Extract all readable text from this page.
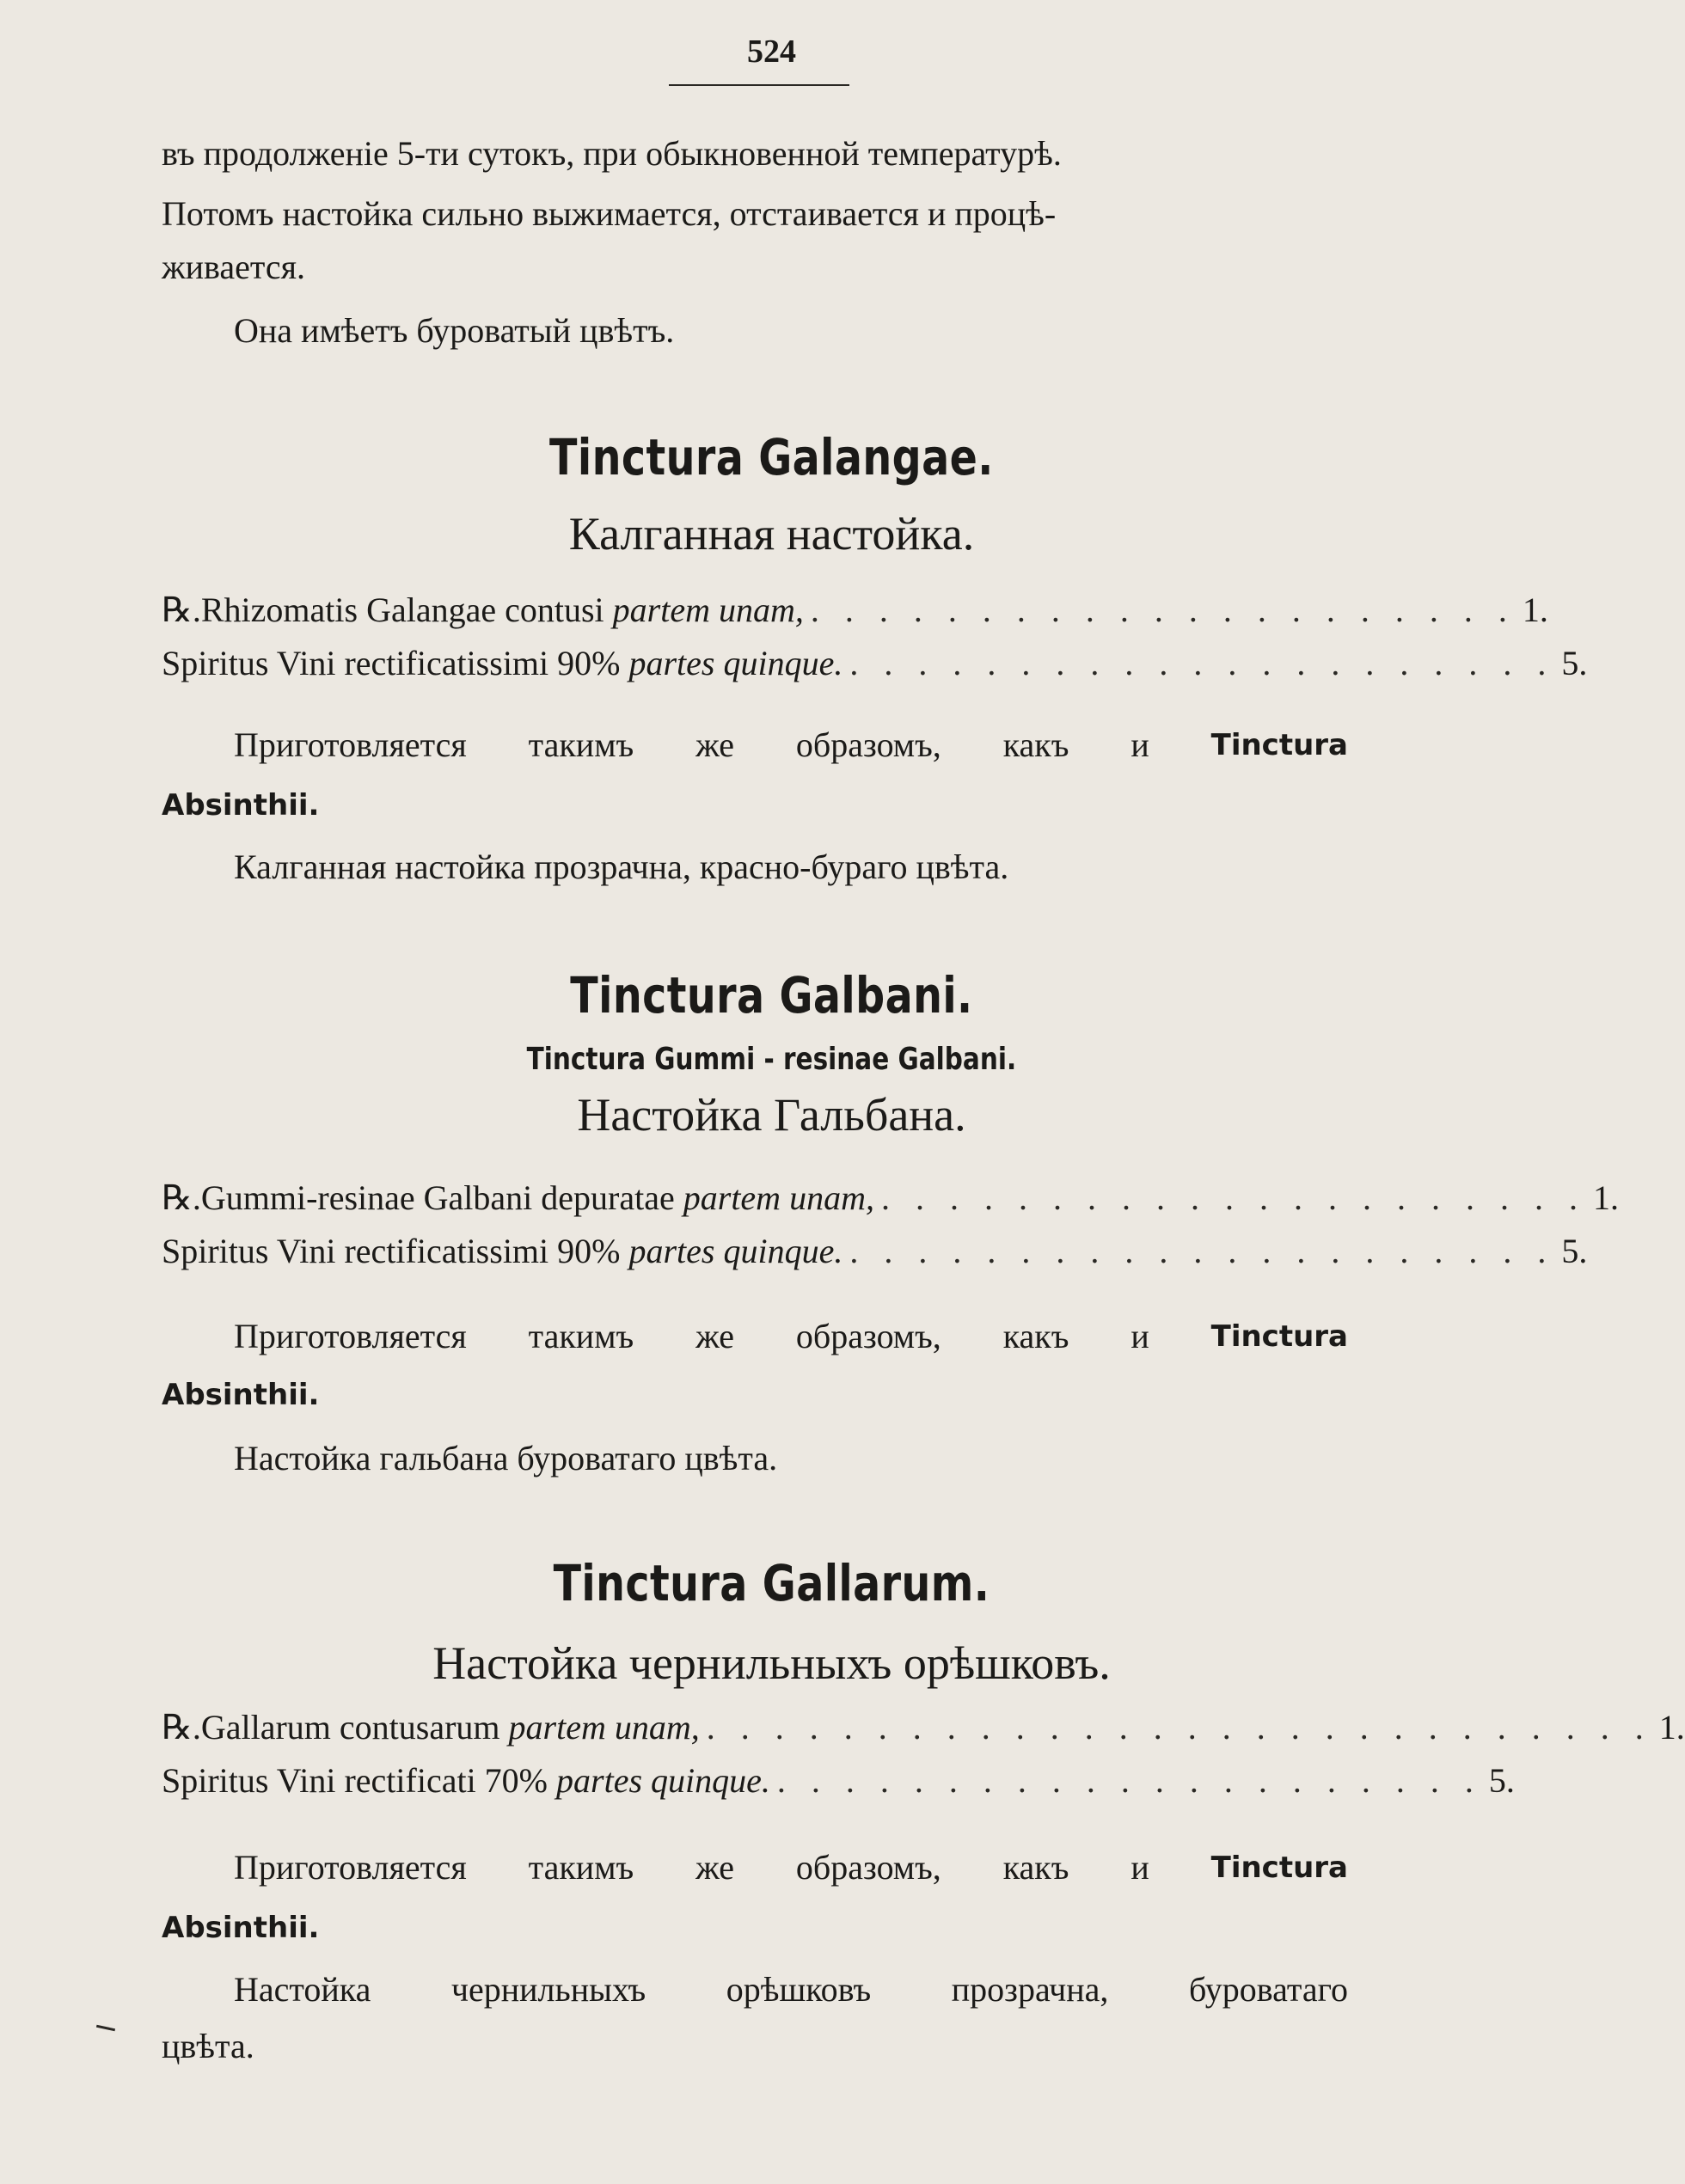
524
въ продолженіе 5-ти сутокъ, при обыкновенной температурѣ.
Потомъ настойка сильно выжимается, отстаивается и процѣ-
живается.
Она имѣетъ буроватый цвѣтъ.
Tinctura Galangae.
Калганная настойка.
℞. Rhizomatis Galangae contusi partem unam, . . . . . . . . . . . . . . . . . . . . . 1.
Spiritus Vini rectificatissimi 90% partes quinque. . . . . . . . . . . . . . . . . . . . . . 5.
Приготовляется такимъ же образомъ, какъ и Tinctura
Absinthii.
Калганная настойка прозрачна, красно-бураго цвѣта.
Tinctura Galbani.
Tinctura Gummi - resinae Galbani.
Настойка Гальбана.
℞. Gummi-resinae Galbani depuratae partem unam, . . . . . . . . . . . . . . . . . . . . . 1.
Spiritus Vini rectificatissimi 90% partes quinque. . . . . . . . . . . . . . . . . . . . . . 5.
Приготовляется такимъ же образомъ, какъ и Tinctura
Absinthii.
Настойка гальбана буроватаго цвѣта.
Tinctura Gallarum.
Настойка чернильныхъ орѣшковъ.
℞. Gallarum contusarum partem unam, . . . . . . . . . . . . . . . . . . . . . . . . . . . . 1.
Spiritus Vini rectificati 70% partes quinque. . . . . . . . . . . . . . . . . . . . . . 5.
Приготовляется такимъ же образомъ, какъ и Tinctura
Absinthii.
Настойка чернильныхъ орѣшковъ прозрачна, буроватаго
цвѣта.
